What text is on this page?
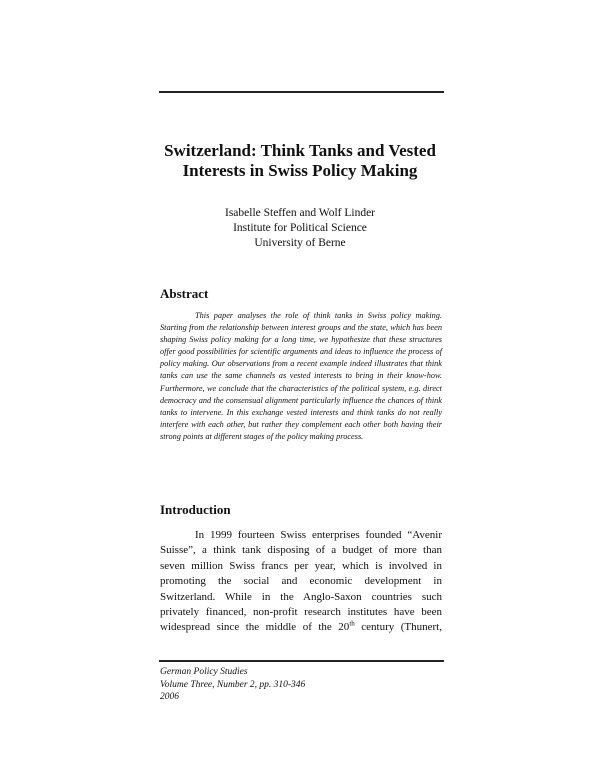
Switzerland: Think Tanks and Vested
Interests in Swiss Policy Making
Isabelle Steffen and Wolf Linder
Institute for Political Science
University of Berne
Abstract
This paper analyses the role of think tanks in Swiss policy making. Starting from the relationship between interest groups and the state, which has been shaping Swiss policy making for a long time, we hypothesize that these structures offer good possibilities for scientific arguments and ideas to influence the process of policy making. Our observations from a recent example indeed illustrates that think tanks can use the same channels as vested interests to bring in their know-how. Furthermore, we conclude that the characteristics of the political system, e.g. direct democracy and the consensual alignment particularly influence the chances of think tanks to intervene. In this exchange vested interests and think tanks do not really interfere with each other, but rather they complement each other both having their strong points at different stages of the policy making process.
Introduction
In 1999 fourteen Swiss enterprises founded “Avenir
Suisse”, a think tank disposing of a budget of more than
seven million Swiss francs per year, which is involved in
promoting the social and economic development in
Switzerland. While in the Anglo-Saxon countries such
privately financed, non-profit research institutes have been
widespread since the middle of the 20th century (Thunert,
German Policy Studies
Volume Three, Number 2, pp. 310-346
2006
